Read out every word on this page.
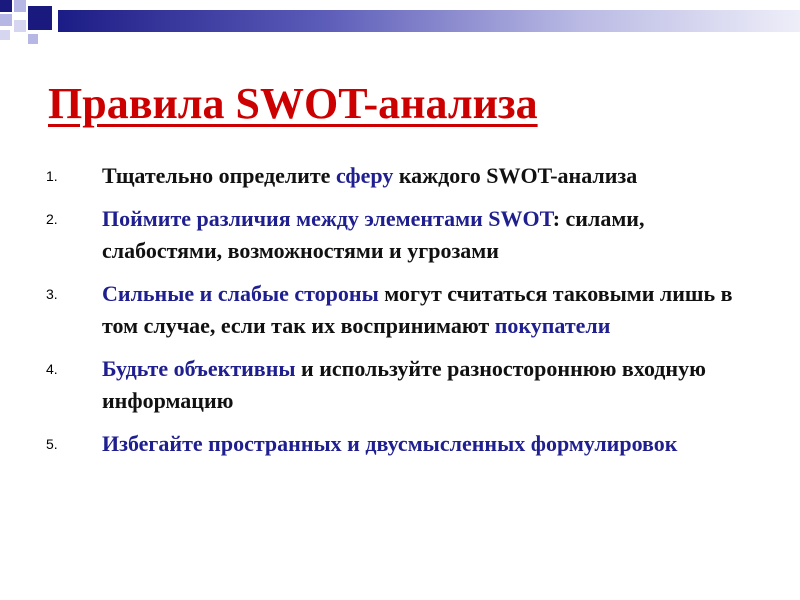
Правила SWOT-анализа
1. Тщательно определите сферу каждого SWOT-анализа
2. Поймите различия между элементами SWOT: силами, слабостями, возможностями и угрозами
3. Сильные и слабые стороны могут считаться таковыми лишь в том случае, если так их воспринимают покупатели
4. Будьте объективны и используйте разностороннюю входную информацию
5. Избегайте пространных и двусмысленных формулировок
